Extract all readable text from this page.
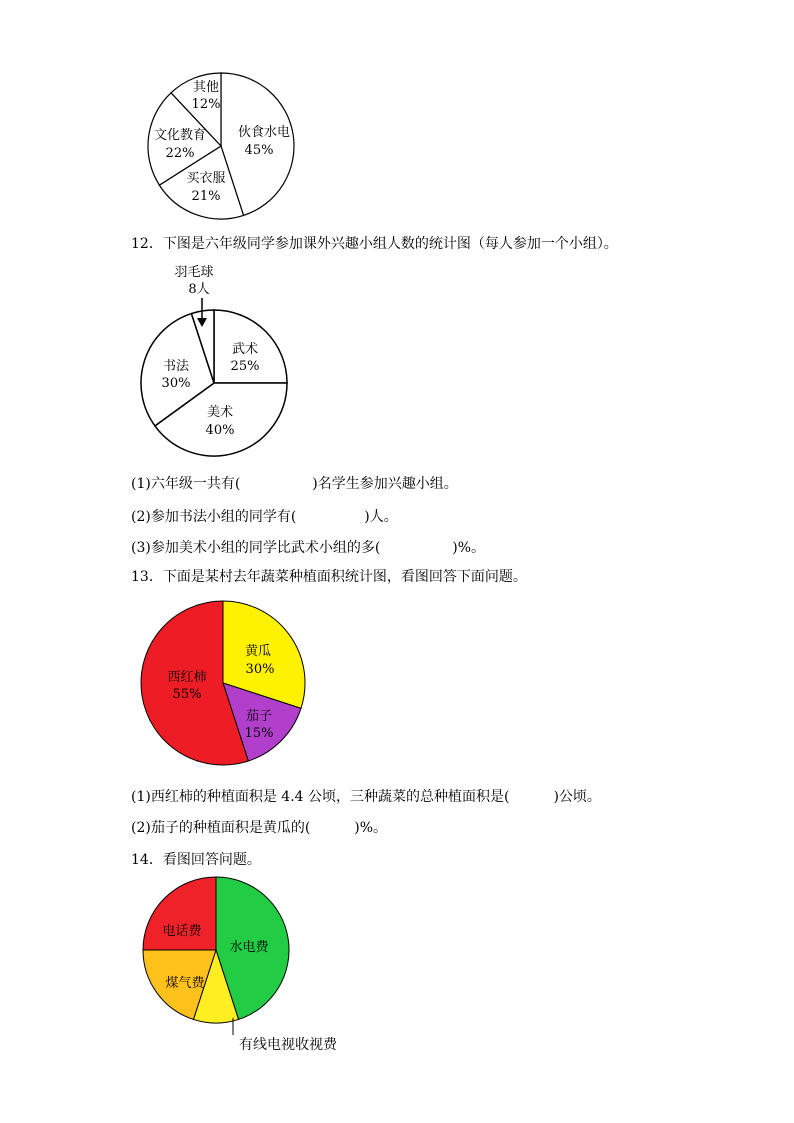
伙食水电
45%
买衣服
21%
文化教育
22%
其他
12%
12．下图是六年级同学参加课外兴趣小组人数的统计图（每人参加一个小组）。
羽毛球
8人
武术
25%
美术
40%
书法
30%
(1)六年级一共有(	)名学生参加兴趣小组。
(2)参加书法小组的同学有(	)人。
(3)参加美术小组的同学比武术小组的多(	)%。
13．下面是某村去年蔬菜种植面积统计图，看图回答下面问题。
黄瓜
30%
茄子
15%
西红柿
55%
(1)西红柿的种植面积是 4.4 公顷，三种蔬菜的总种植面积是(	)公顷。
(2)茄子的种植面积是黄瓜的(	)%。
14．看图回答问题。
水电费
煤气费
电话费
有线电视收视费
